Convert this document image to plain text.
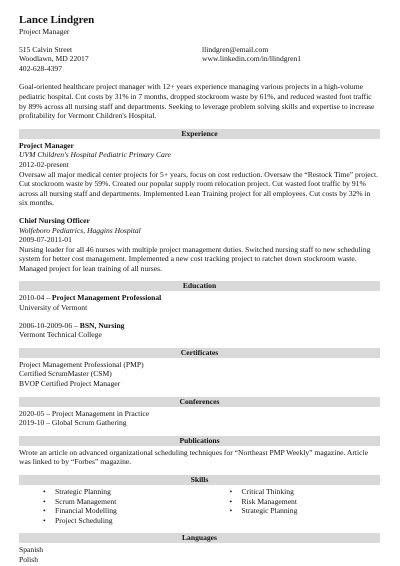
Lance Lindgren
Project Manager
515 Calvin Street
Woodlawn, MD 22017
402-628-4397
llindgren@email.com
www.linkedin.com/in/llindgren1
Goal-oriented healthcare project manager with 12+ years experience managing various projects in a high-volume pediatric hospital. Cut costs by 31% in 7 months, dropped stockroom waste by 61%, and reduced wasted foot traffic by 89% across all nursing staff and departments. Seeking to leverage problem solving skills and expertise to increase profitability for Vermont Children's Hospital.
Experience
Project Manager
UVM Children's Hospital Pediatric Primary Care
2012-02-present
Oversaw all major medical center projects for 5+ years, focus on cost reduction. Oversaw the “Restock Time” project. Cut stockroom waste by 59%. Created our popular supply room relocation project. Cut wasted foot traffic by 91% across all nursing staff and departments. Implemented Lean Training project for all employees. Cut costs by 32% in six months.
Chief Nursing Officer
Wolfeboro Pediatrics, Haggins Hospital
2009-07-2011-01
Nursing leader for all 46 nurses with multiple project management duties. Switched nursing staff to new scheduling system for better cost management. Implemented a new cost tracking project to ratchet down stockroom waste. Managed project for lean training of all nurses.
Education
2010-04 – Project Management Professional
University of Vermont
2006-10-2009-06 – BSN, Nursing
Vermont Technical College
Certificates
Project Management Professional (PMP)
Certified ScrumMaster (CSM)
BVOP Certified Project Manager
Conferences
2020-05 – Project Management in Practice
2019-10 – Global Scrum Gathering
Publications
Wrote an article on advanced organizational scheduling techniques for “Northeast PMP Weekly” magazine. Article was linked to by “Forbes” magazine.
Skills
• Strategic Planning
• Scrum Management
• Financial Modelling
• Project Scheduling
• Critical Thinking
• Risk Management
• Strategic Planning
Languages
Spanish
Polish
